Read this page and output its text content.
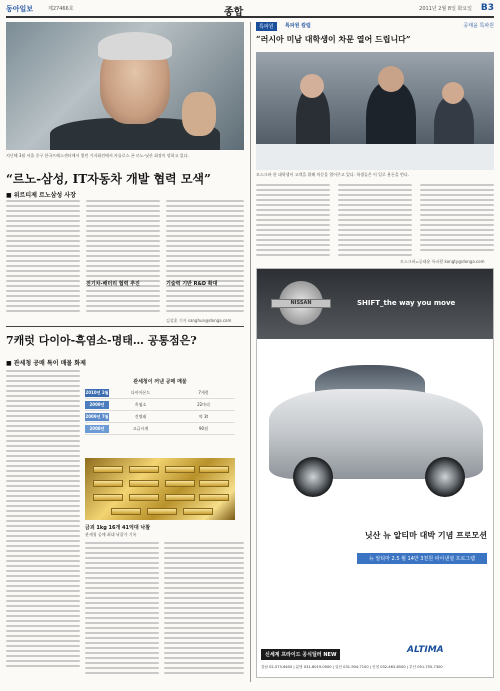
동아일보	제27466호	종합	2011년 2월 8일 화요일 B3
지난해 3월 서울 중구 한국프레스센터에서 열린 기자회견에서 카를로스 곤 르노-닛산 회장이 말하고 있다.
“르노-삼성, IT자동차 개발 협력 모색”
■ 위르티제 르노삼성 사장
전기차-배터리 협력 추진	기술력 기반 R&D 확대
김상훈 기자 sanghun@donga.com
7캐럿 다이아-흑염소-명태… 공통점은?
■ 관세청 공매 특이 매물 화제
관세청이 꺼낸 공매 매물
2010년 2월	다이아몬드	7캐럿
2009년	흑염소	22마리
2009년 7월	건명태	약 3t
2008년	고급시계	90점
금괴 1kg 16개 41억대 낙찰
관세청 공매 최대 낙찰가 기록
특파원	특파원 칼럼	공태윤 특파원
“러시아 미남 대학생이 차문 열어 드립니다”
모스크바 한 대학생이 고객을 위해 차문을 열어주고 있다. 학생들은 이 일로 용돈을 번다.
모스크바=공태윤 특파원 kongty@donga.com
NISSAN	SHIFT_the way you move
닛산 뉴 알티마 대박 기념 프로모션
뉴 알티마 2.5 월 14만 3천원 파이낸셜 프로그램
신세계 프라이드 공식딜러 NEW	ALTIMA
강남 02-573-6400 | 분당 031-8019-0000 | 일산 031-904-7100 | 인천 032-463-6500 | 부산 051-750-7300
